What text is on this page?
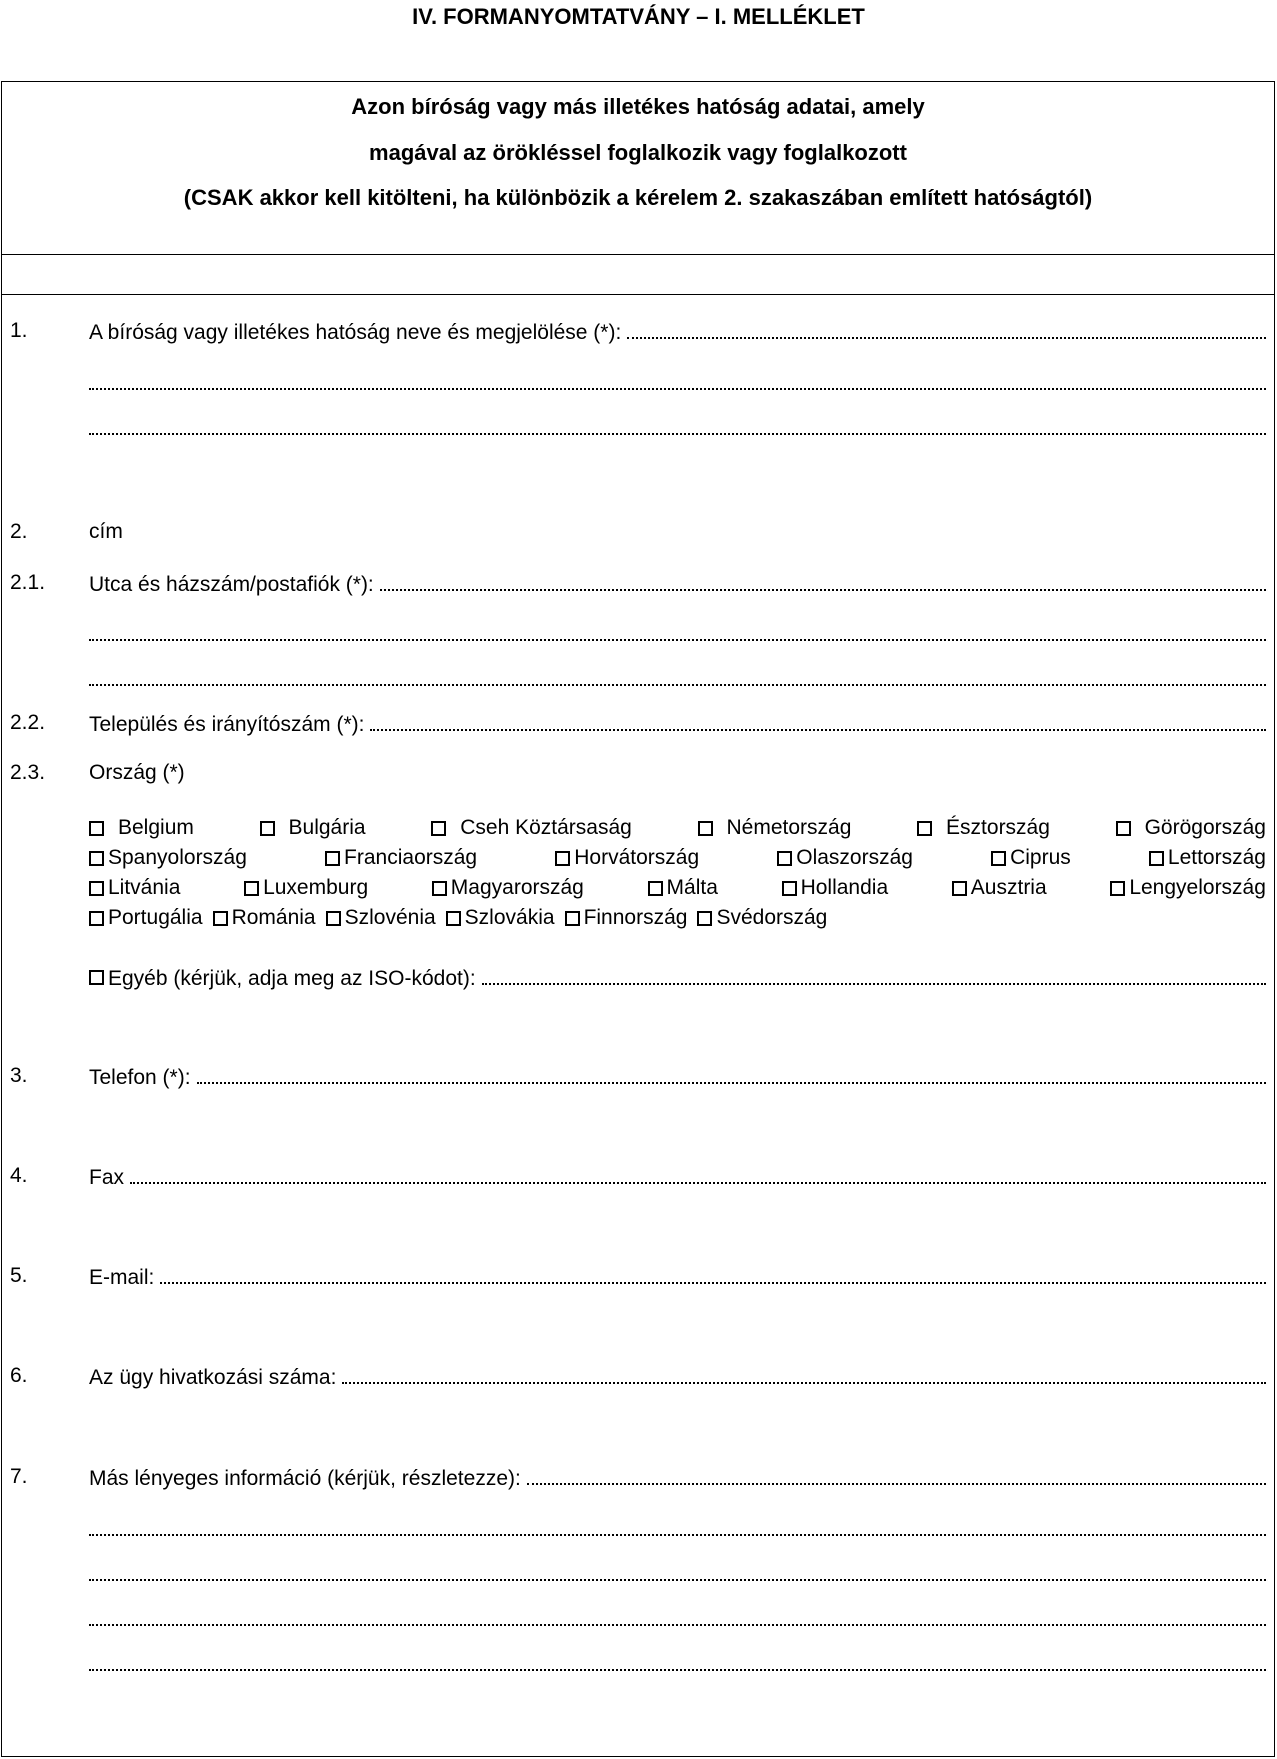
IV. FORMANYOMTATVÁNY – I. MELLÉKLET
Azon bíróság vagy más illetékes hatóság adatai, amely
magával az örökléssel foglalkozik vagy foglalkozott
(CSAK akkor kell kitölteni, ha különbözik a kérelem 2. szakaszában említett hatóságtól)
1.	A bíróság vagy illetékes hatóság neve és megjelölése (*):
2.	cím
2.1. Utca és házszám/postafiók (*):
2.2. Település és irányítószám (*):
2.3. Ország (*)
Belgium	Bulgária	Cseh Köztársaság	Németország	Észtország	Görögország
Spanyolország	Franciaország	Horvátország	Olaszország	Ciprus	Lettország
Litvánia	Luxemburg	Magyarország	Málta	Hollandia	Ausztria	Lengyelország
Portugália Románia Szlovénia Szlovákia Finnország Svédország
Egyéb (kérjük, adja meg az ISO-kódot):
3.	Telefon (*):
4.	Fax
5.	E-mail:
6.	Az ügy hivatkozási száma:
7.	Más lényeges információ (kérjük, részletezze):
